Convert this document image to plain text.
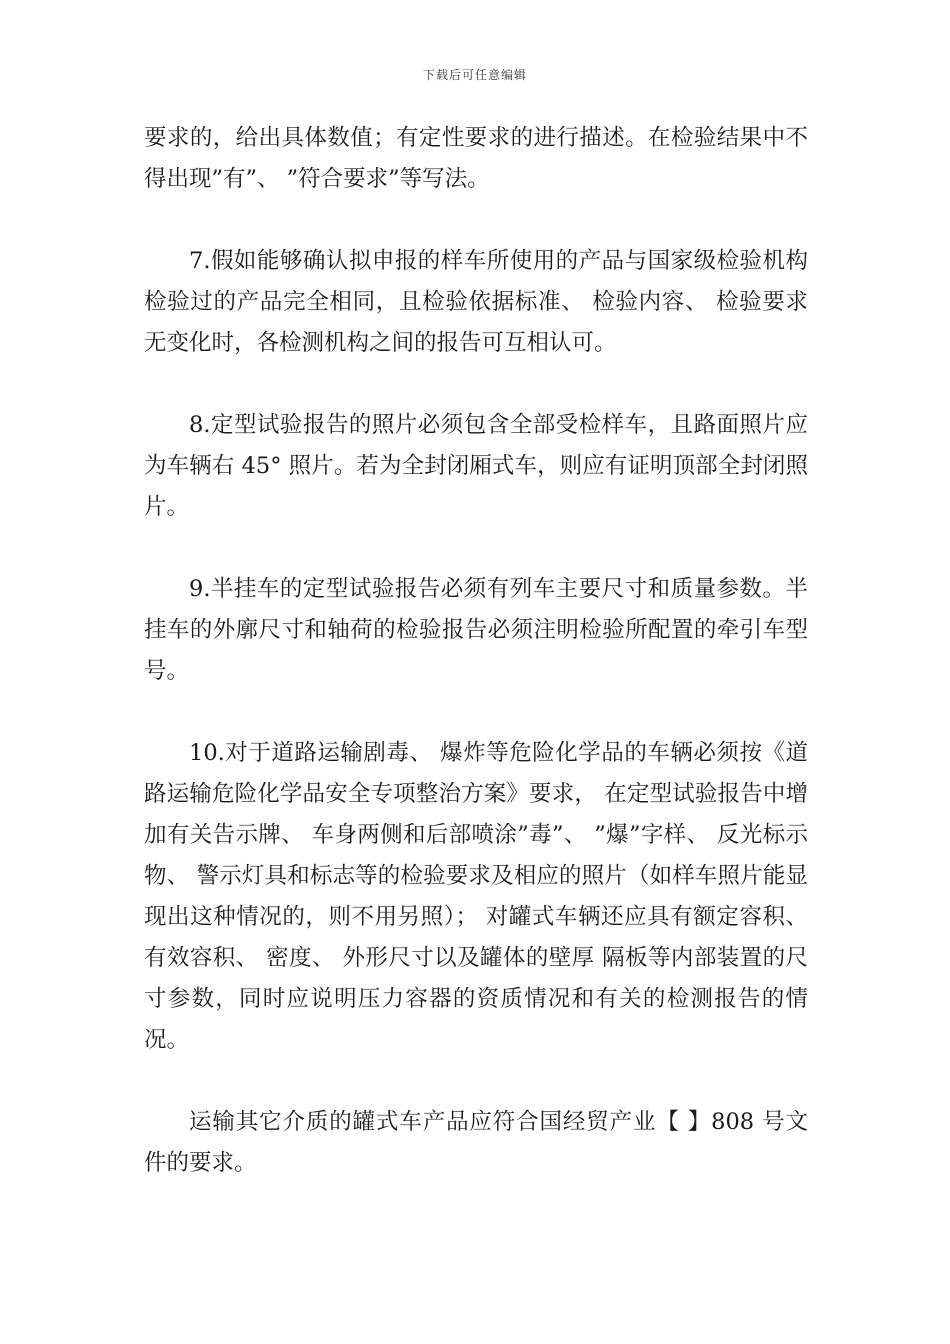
下载后可任意编辑

要求的，给出具体数值；有定性要求的进行描述。在检验结果中不得出现”有”、 ”符合要求”等写法。

7.假如能够确认拟申报的样车所使用的产品与国家级检验机构检验过的产品完全相同，且检验依据标准、 检验内容、 检验要求无变化时，各检测机构之间的报告可互相认可。

8.定型试验报告的照片必须包含全部受检样车，且路面照片应为车辆右 45° 照片。若为全封闭厢式车，则应有证明顶部全封闭照片。

9.半挂车的定型试验报告必须有列车主要尺寸和质量参数。半挂车的外廓尺寸和轴荷的检验报告必须注明检验所配置的牵引车型号。

10.对于道路运输剧毒、 爆炸等危险化学品的车辆必须按《道路运输危险化学品安全专项整治方案》要求， 在定型试验报告中增加有关告示牌、 车身两侧和后部喷涂”毒”、 ”爆”字样、 反光标示物、 警示灯具和标志等的检验要求及相应的照片（如样车照片能显现出这种情况的，则不用另照）； 对罐式车辆还应具有额定容积、 有效容积、 密度、 外形尺寸以及罐体的壁厚 隔板等内部装置的尺寸参数，同时应说明压力容器的资质情况和有关的检测报告的情况。

运输其它介质的罐式车产品应符合国经贸产业【 】808 号文件的要求。
